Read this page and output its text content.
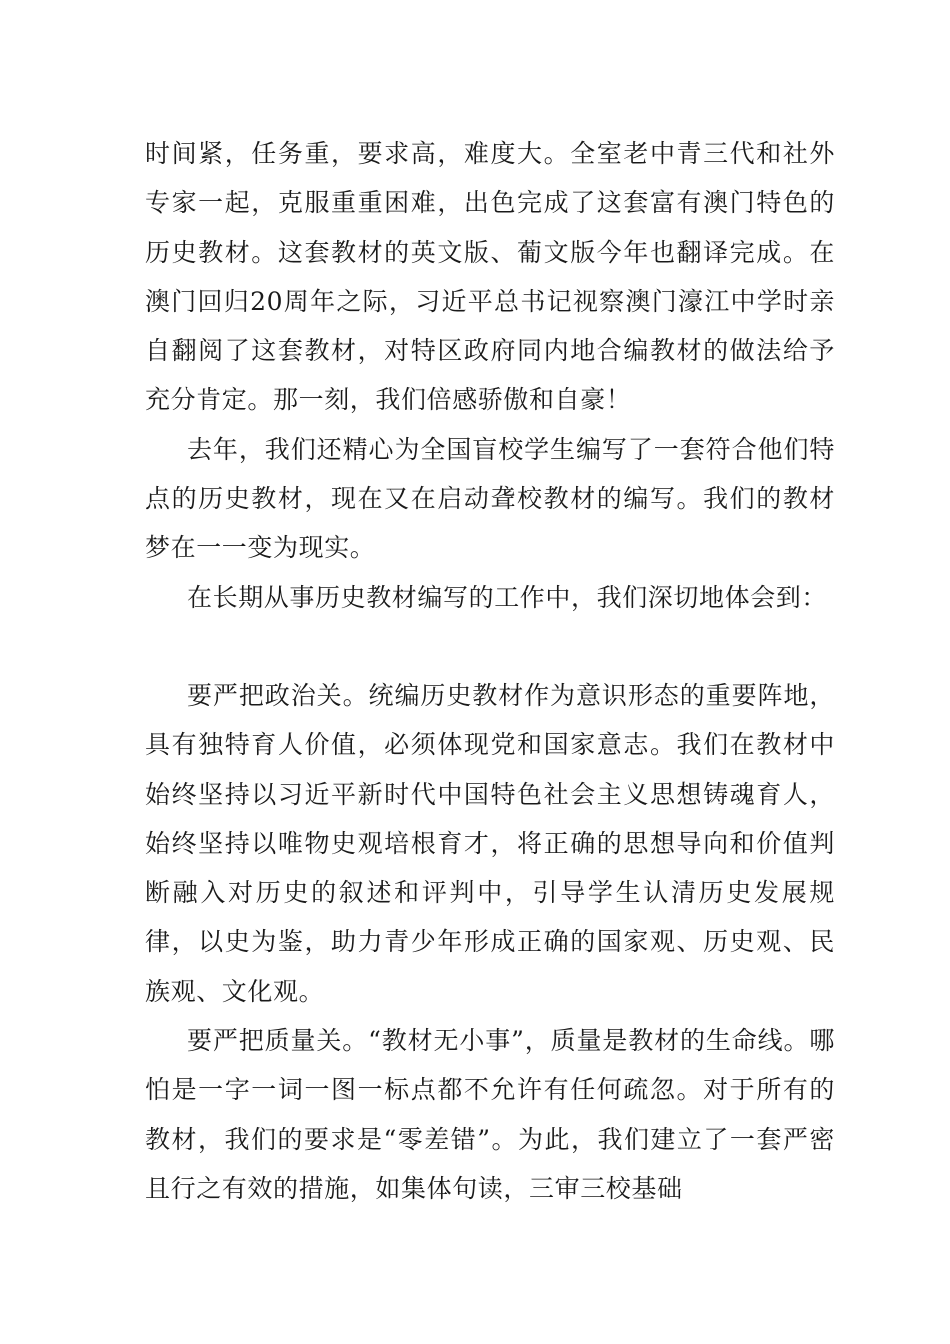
时间紧，任务重，要求高，难度大。全室老中青三代和社外专家一起，克服重重困难，出色完成了这套富有澳门特色的历史教材。这套教材的英文版、葡文版今年也翻译完成。在澳门回归20周年之际，习近平总书记视察澳门濠江中学时亲自翻阅了这套教材，对特区政府同内地合编教材的做法给予充分肯定。那一刻，我们倍感骄傲和自豪！

去年，我们还精心为全国盲校学生编写了一套符合他们特点的历史教材，现在又在启动聋校教材的编写。我们的教材梦在一一变为现实。

在长期从事历史教材编写的工作中，我们深切地体会到：

要严把政治关。统编历史教材作为意识形态的重要阵地，具有独特育人价值，必须体现党和国家意志。我们在教材中始终坚持以习近平新时代中国特色社会主义思想铸魂育人，始终坚持以唯物史观培根育才，将正确的思想导向和价值判断融入对历史的叙述和评判中，引导学生认清历史发展规律，以史为鉴，助力青少年形成正确的国家观、历史观、民族观、文化观。

要严把质量关。“教材无小事”，质量是教材的生命线。哪怕是一字一词一图一标点都不允许有任何疏忽。对于所有的教材，我们的要求是“零差错”。为此，我们建立了一套严密且行之有效的措施，如集体句读，三审三校基础
